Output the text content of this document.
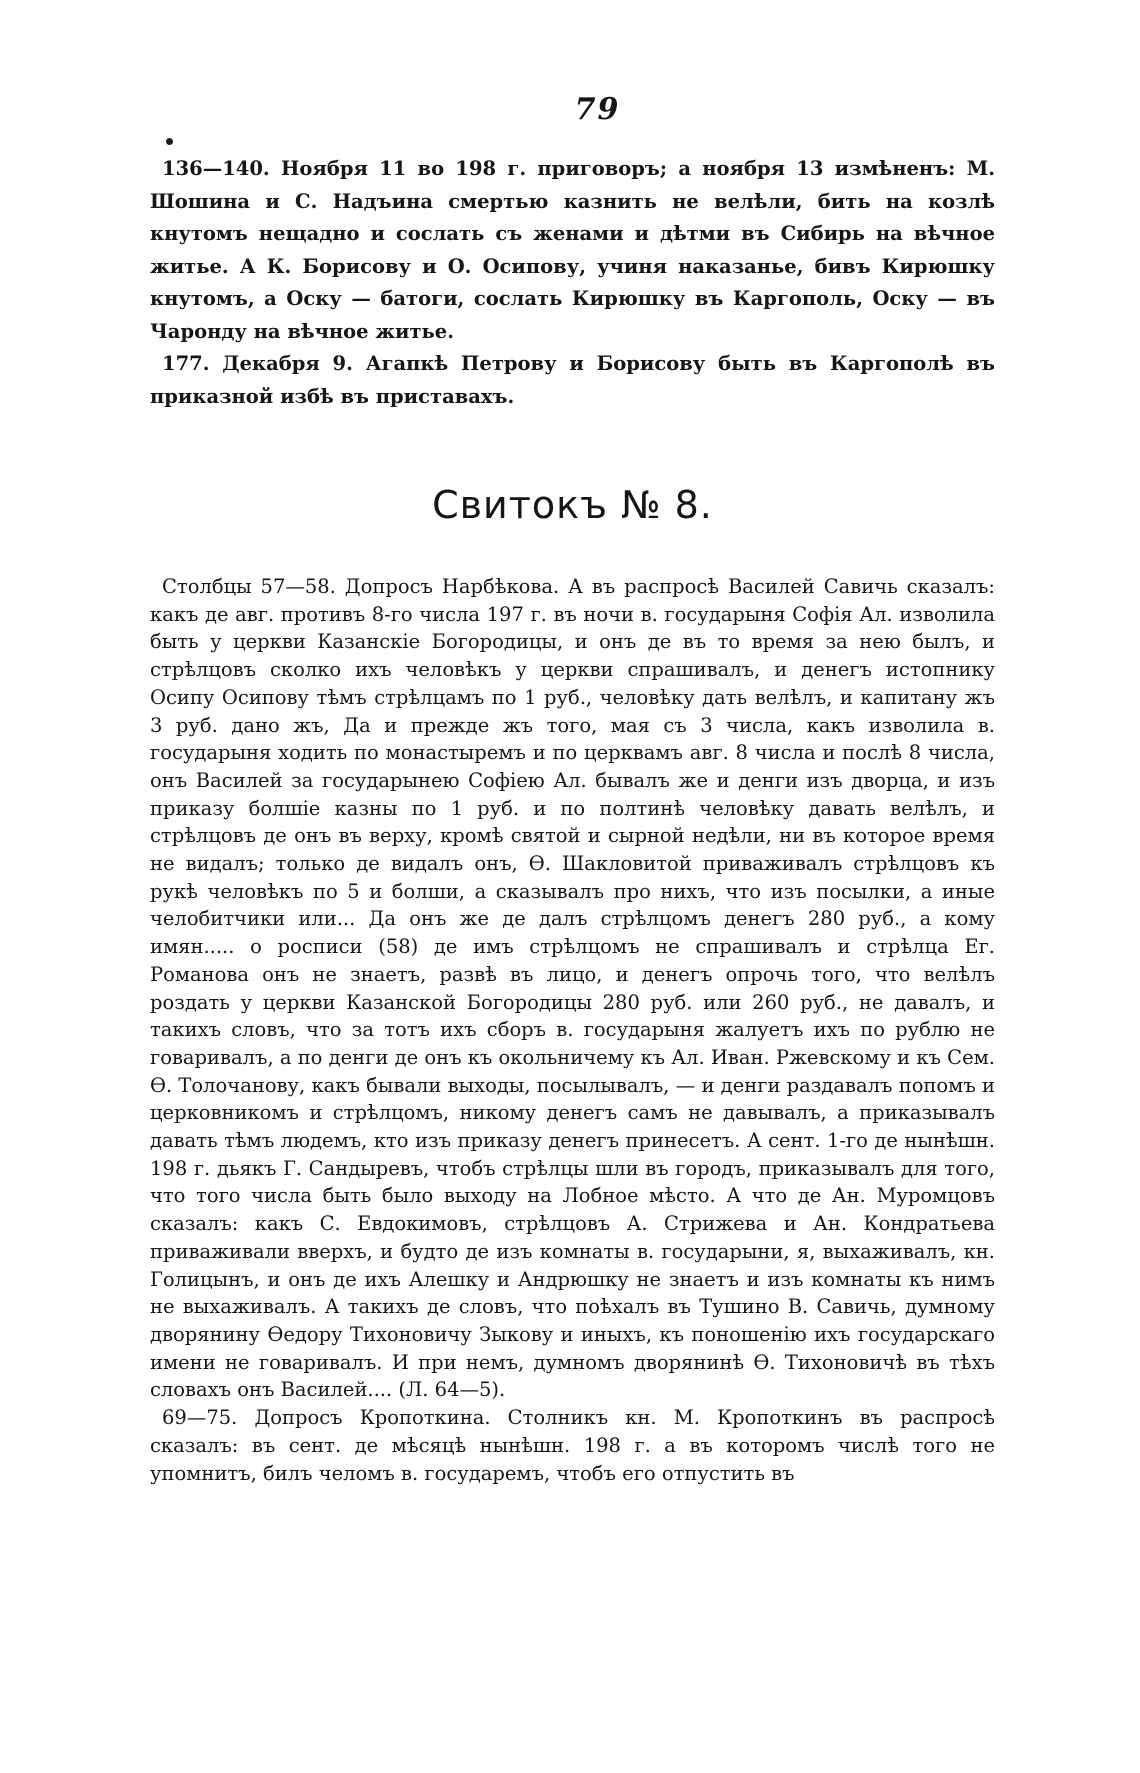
79

136—140. Ноября 11 во 198 г. приговоръ; а ноября 13 измѣненъ: М. Шошина и С. Надъина смертью казнить не велѣли, бить на козлѣ кнутомъ нещадно и сослать съ женами и дѣтми въ Сибирь на вѣчное житье. А К. Борисову и О. Осипову, учиня наказанье, бивъ Кирюшку кнутомъ, а Оску — батоги, сослать Кирюшку въ Каргополь, Оску — въ Чаронду на вѣчное житье.

177. Декабря 9. Агапкѣ Петрову и Борисову быть въ Каргополѣ въ приказной избѣ въ приставахъ.

Свитокъ № 8.

Столбцы 57—58. Допросъ Нарбѣкова. А въ распросѣ Василей Савичь сказалъ: какъ де авг. противъ 8-го числа 197 г. въ ночи в. государыня Софія Ал. изволила быть у церкви Казанскіе Богородицы, и онъ де въ то время за нею былъ, и стрѣлцовъ сколко ихъ человѣкъ у церкви спрашивалъ, и денегъ истопнику Осипу Осипову тѣмъ стрѣлцамъ по 1 руб., человѣку дать велѣлъ, и капитану жъ 3 руб. дано жъ, Да и прежде жъ того, мая съ 3 числа, какъ изволила в. государыня ходить по монастыремъ и по церквамъ авг. 8 числа и послѣ 8 числа, онъ Василей за государынею Софіею Ал. бывалъ же и денги изъ дворца, и изъ приказу болшіе казны по 1 руб. и по полтинѣ человѣку давать велѣлъ, и стрѣлцовъ де онъ въ верху, кромѣ святой и сырной недѣли, ни въ которое время не видалъ; только де видалъ онъ, Ѳ. Шакловитой приваживалъ стрѣлцовъ къ рукѣ человѣкъ по 5 и болши, а сказывалъ про нихъ, что изъ посылки, а иные челобитчики или... Да онъ же де далъ стрѣлцомъ денегъ 280 руб., а кому имян..... о росписи (58) де имъ стрѣлцомъ не спрашивалъ и стрѣлца Ег. Романова онъ не знаетъ, развѣ въ лицо, и денегъ опрочь того, что велѣлъ роздать у церкви Казанской Богородицы 280 руб. или 260 руб., не давалъ, и такихъ словъ, что за тотъ ихъ сборъ в. государыня жалуетъ ихъ по рублю не говаривалъ, а по денги де онъ къ окольничему къ Ал. Иван. Ржевскому и къ Сем. Ѳ. Толочанову, какъ бывали выходы, посылывалъ, — и денги раздавалъ попомъ и церковникомъ и стрѣлцомъ, никому денегъ самъ не давывалъ, а приказывалъ давать тѣмъ людемъ, кто изъ приказу денегъ принесетъ. А сент. 1-го де нынѣшн. 198 г. дьякъ Г. Сандыревъ, чтобъ стрѣлцы шли въ городъ, приказывалъ для того, что того числа быть было выходу на Лобное мѣсто. А что де Ан. Муромцовъ сказалъ: какъ С. Евдокимовъ, стрѣлцовъ А. Стрижева и Ан. Кондратьева приваживали вверхъ, и будто де изъ комнаты в. государыни, я, выхаживалъ, кн. Голицынъ, и онъ де ихъ Алешку и Андрюшку не знаетъ и изъ комнаты къ нимъ не выхаживалъ. А такихъ де словъ, что поѣхалъ въ Тушино В. Савичь, думному дворянину Ѳедору Тихоновичу Зыкову и иныхъ, къ поношенію ихъ государскаго имени не говаривалъ. И при немъ, думномъ дворянинѣ Ѳ. Тихоновичѣ въ тѣхъ словахъ онъ Василей.... (Л. 64—5).

69—75. Допросъ Кропоткина. Столникъ кн. М. Кропоткинъ въ распросѣ сказалъ: въ сент. де мѣсяцѣ нынѣшн. 198 г. а въ которомъ числѣ того не упомнитъ, билъ челомъ в. государемъ, чтобъ его отпустить въ
